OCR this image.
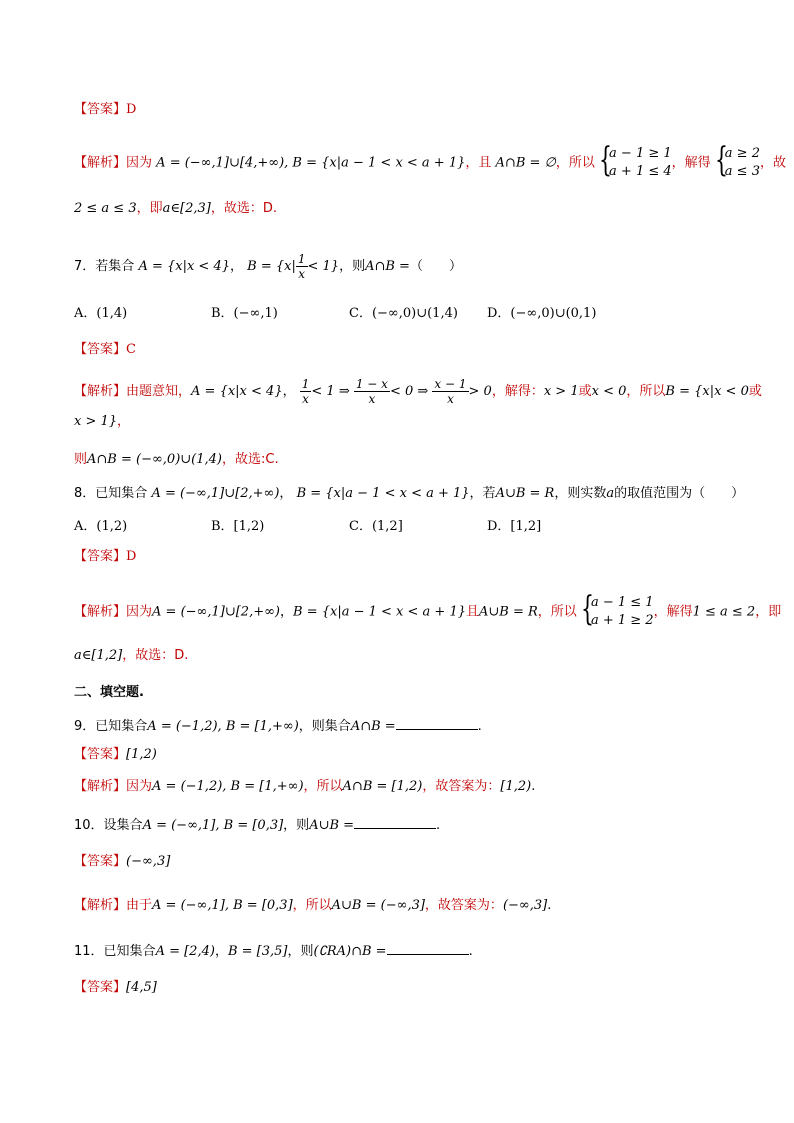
【答案】D
【解析】因为 A = (−∞,1]∪[4,+∞), B = {x|a − 1 < x < a + 1}，且 A∩B = ∅，所以 {
a − 1 ≥ 1
a + 1 ≤ 4
，解得 {
a ≥ 2
a ≤ 3
，故
2 ≤ a ≤ 3，即a∈[2,3]，故选：D.
7．若集合 A = {x|x < 4}， $B = \{x| \frac{1}{x} < 1\}$，则A∩B =（　　）
A．(1,4)	B．(−∞,1)	C．(−∞,0)∪(1,4) D．(−∞,0)∪(0,1)
【答案】C
【解析】由题意知，A = {x|x < 4}， $\frac{1}{x} < 1$ ⇒ $\frac{1 - x}{x} < 0$ ⇒ $\frac{x - 1}{x} > 0$，解得：x > 1或x < 0，所以B = {x|x < 0或
x > 1}，
则A∩B = (−∞,0)∪(1,4)，故选:C.
8．已知集合 A = (−∞,1]∪[2,+∞)， B = {x|a − 1 < x < a + 1}，若A∪B = R，则实数a的取值范围为（　　）
A．(1,2)	B．[1,2)	C．(1,2]	D．[1,2]
【答案】D
【解析】因为A = (−∞,1]∪[2,+∞)，B = {x|a − 1 < x < a + 1}且A∪B = R，所以 {
a − 1 ≤ 1
a + 1 ≥ 2
，解得1 ≤ a ≤ 2，即
a∈[1,2]，故选：D.
二、填空题.
9．已知集合A = (−1,2), B = [1,+∞)，则集合A∩B =	.
【答案】[1,2)
【解析】因为A = (−1,2), B = [1,+∞)，所以A∩B = [1,2)，故答案为：[1,2).
10．设集合A = (−∞,1], B = [0,3]，则A∪B =	.
【答案】(−∞,3]
【解析】由于A = (−∞,1], B = [0,3]，所以A∪B = (−∞,3]，故答案为：(−∞,3].
11．已知集合A = [2,4)，B = [3,5]，则(∁RA)∩B =	.
【答案】[4,5]
